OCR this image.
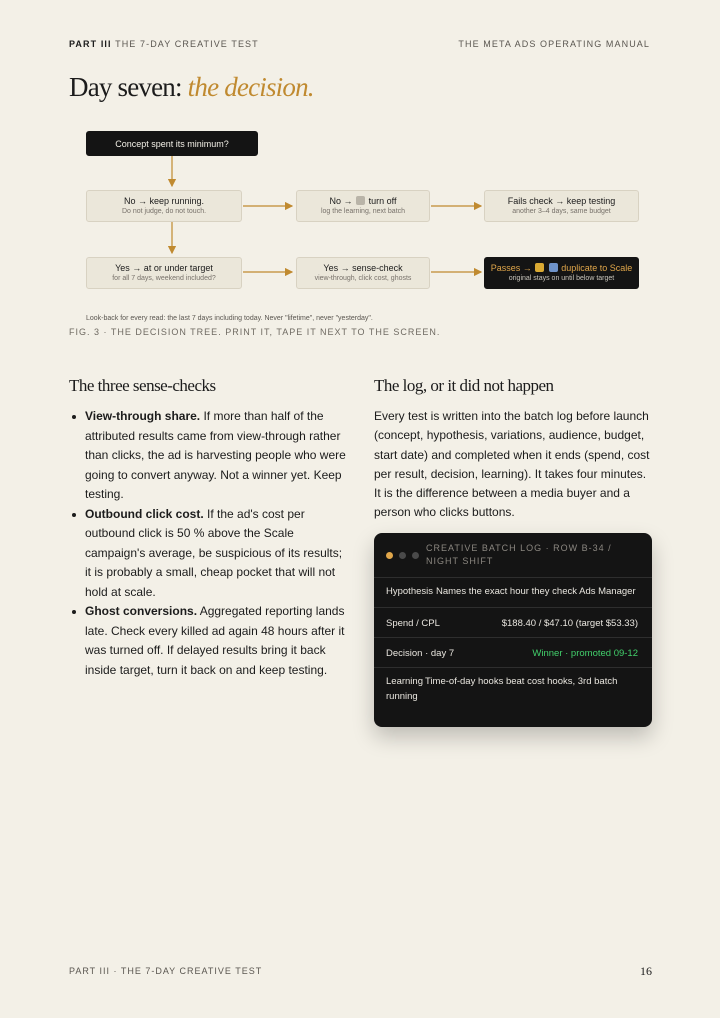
PART III THE 7-DAY CREATIVE TEST	THE META ADS OPERATING MANUAL
Day seven: the decision.
Concept spent its minimum?
No → keep running.
Do not judge, do not touch.
No → turn off
log the learning, next batch
Fails check → keep testing
another 3–4 days, same budget
Yes → at or under target
for all 7 days, weekend included?
Yes → sense-check
view-through, click cost, ghosts
Passes →	duplicate to Scale
original stays on until below target
Look-back for every read: the last 7 days including today. Never "lifetime", never "yesterday".
FIG. 3 · THE DECISION TREE. PRINT IT, TAPE IT NEXT TO THE SCREEN.
The three sense-checks
View-through share. If more than half of the attributed results came from view-through rather than clicks, the ad is harvesting people who were going to convert anyway. Not a winner yet. Keep testing.
Outbound click cost. If the ad's cost per outbound click is 50 % above the Scale campaign's average, be suspicious of its results; it is probably a small, cheap pocket that will not hold at scale.
Ghost conversions. Aggregated reporting lands late. Check every killed ad again 48 hours after it was turned off. If delayed results bring it back inside target, turn it back on and keep testing.
The log, or it did not happen

Every test is written into the batch log before launch (concept, hypothesis, variations, audience, budget, start date) and completed when it ends (spend, cost per result, decision, learning). It takes four minutes. It is the difference between a media buyer and a person who clicks buttons.

CREATIVE BATCH LOG · ROW B-34 / NIGHT SHIFT
Hypothesis Names the exact hour they check Ads Manager
Spend / CPL	$188.40 / $47.10 (target $53.33)
Decision · day 7	Winner · promoted 09-12
Learning Time-of-day hooks beat cost hooks, 3rd batch running
PART III · THE 7-DAY CREATIVE TEST	16
